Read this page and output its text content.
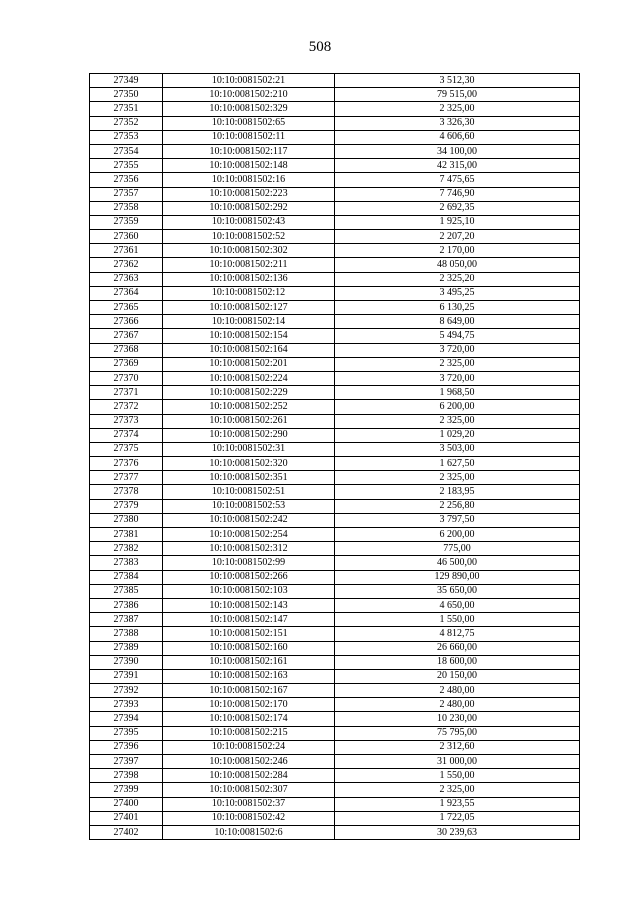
508
27349	10:10:0081502:21	3 512,30
27350	10:10:0081502:210	79 515,00
27351	10:10:0081502:329	2 325,00
27352	10:10:0081502:65	3 326,30
27353	10:10:0081502:11	4 606,60
27354	10:10:0081502:117	34 100,00
27355	10:10:0081502:148	42 315,00
27356	10:10:0081502:16	7 475,65
27357	10:10:0081502:223	7 746,90
27358	10:10:0081502:292	2 692,35
27359	10:10:0081502:43	1 925,10
27360	10:10:0081502:52	2 207,20
27361	10:10:0081502:302	2 170,00
27362	10:10:0081502:211	48 050,00
27363	10:10:0081502:136	2 325,20
27364	10:10:0081502:12	3 495,25
27365	10:10:0081502:127	6 130,25
27366	10:10:0081502:14	8 649,00
27367	10:10:0081502:154	5 494,75
27368	10:10:0081502:164	3 720,00
27369	10:10:0081502:201	2 325,00
27370	10:10:0081502:224	3 720,00
27371	10:10:0081502:229	1 968,50
27372	10:10:0081502:252	6 200,00
27373	10:10:0081502:261	2 325,00
27374	10:10:0081502:290	1 029,20
27375	10:10:0081502:31	3 503,00
27376	10:10:0081502:320	1 627,50
27377	10:10:0081502:351	2 325,00
27378	10:10:0081502:51	2 183,95
27379	10:10:0081502:53	2 256,80
27380	10:10:0081502:242	3 797,50
27381	10:10:0081502:254	6 200,00
27382	10:10:0081502:312	775,00
27383	10:10:0081502:99	46 500,00
27384	10:10:0081502:266	129 890,00
27385	10:10:0081502:103	35 650,00
27386	10:10:0081502:143	4 650,00
27387	10:10:0081502:147	1 550,00
27388	10:10:0081502:151	4 812,75
27389	10:10:0081502:160	26 660,00
27390	10:10:0081502:161	18 600,00
27391	10:10:0081502:163	20 150,00
27392	10:10:0081502:167	2 480,00
27393	10:10:0081502:170	2 480,00
27394	10:10:0081502:174	10 230,00
27395	10:10:0081502:215	75 795,00
27396	10:10:0081502:24	2 312,60
27397	10:10:0081502:246	31 000,00
27398	10:10:0081502:284	1 550,00
27399	10:10:0081502:307	2 325,00
27400	10:10:0081502:37	1 923,55
27401	10:10:0081502:42	1 722,05
27402	10:10:0081502:6	30 239,63
